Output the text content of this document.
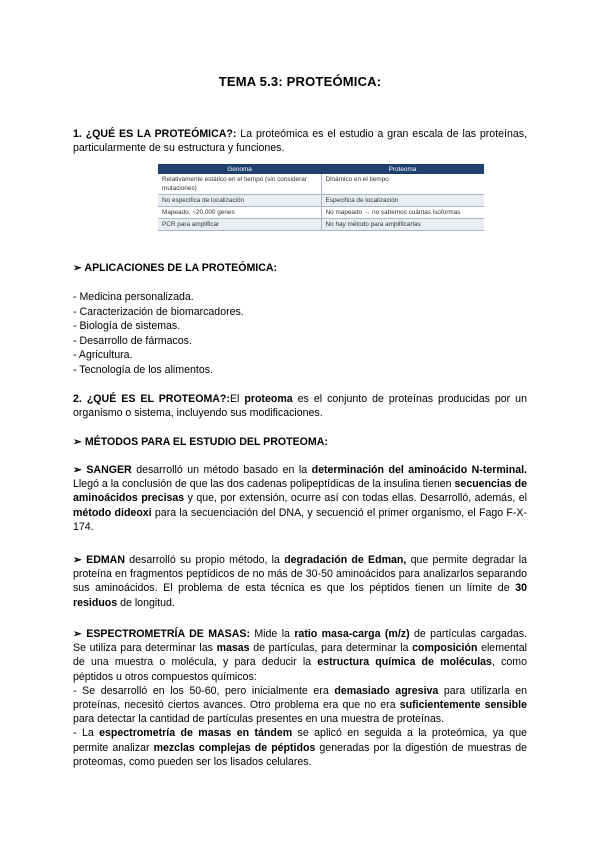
TEMA 5.3: PROTEÓMICA:
1. ¿QUÉ ES LA PROTEÓMICA?: La proteómica es el estudio a gran escala de las proteínas, particularmente de su estructura y funciones.
Genoma	Proteoma
Relativamente estático en el tiempo (sin considerar mutaciones)	Dinámico en el tiempo
No especifica de localización	Especifica de localización
Mapeado, ~20,000 genes	No mapeado → no sabemos cuántas isoformas
PCR para amplificar	No hay método para amplificarlas
➢ APLICACIONES DE LA PROTEÓMICA:
- Medicina personalizada.
- Caracterización de biomarcadores.
- Biología de sistemas.
- Desarrollo de fármacos.
- Agricultura.
- Tecnología de los alimentos.
2. ¿QUÉ ES EL PROTEOMA?:El proteoma es el conjunto de proteínas producidas por un organismo o sistema, incluyendo sus modificaciones.
➢ MÉTODOS PARA EL ESTUDIO DEL PROTEOMA:
➢ SANGER desarrolló un método basado en la determinación del aminoácido N-terminal. Llegó a la conclusión de que las dos cadenas polipeptídicas de la insulina tienen secuencias de aminoácidos precisas y que, por extensión, ocurre así con todas ellas. Desarrolló, además, el método dideoxi para la secuenciación del DNA, y secuenció el primer organismo, el Fago F-X-174.
➢ EDMAN desarrolló su propio método, la degradación de Edman, que permite degradar la proteína en fragmentos peptídicos de no más de 30-50 aminoácidos para analizarlos separando sus aminoácidos. El problema de esta técnica es que los péptidos tienen un límite de 30 residuos de longitud.
➢ ESPECTROMETRÍA DE MASAS: Mide la ratio masa-carga (m/z) de partículas cargadas. Se utiliza para determinar las masas de partículas, para determinar la composición elemental de una muestra o molécula, y para deducir la estructura química de moléculas, como péptidos u otros compuestos químicos:
- Se desarrolló en los 50-60, pero inicialmente era demasiado agresiva para utilizarla en proteínas, necesitó ciertos avances. Otro problema era que no era suficientemente sensible para detectar la cantidad de partículas presentes en una muestra de proteínas.
- La espectrometría de masas en tándem se aplicó en seguida a la proteómica, ya que permite analizar mezclas complejas de péptidos generadas por la digestión de muestras de proteomas, como pueden ser los lisados celulares.
